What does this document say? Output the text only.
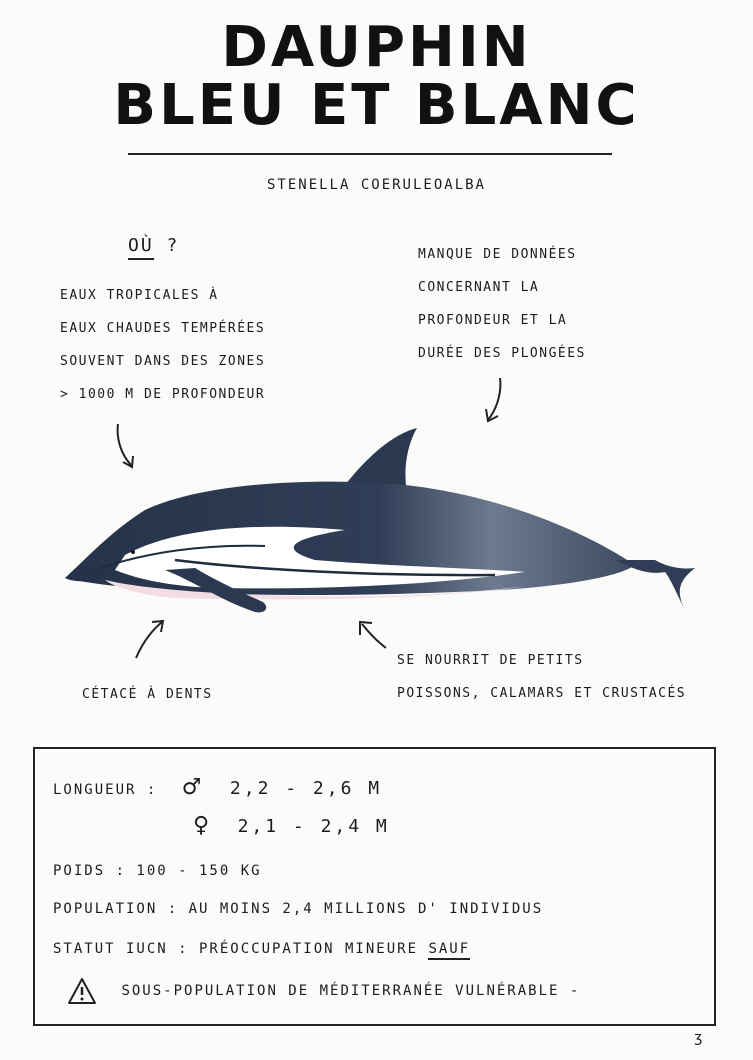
DAUPHIN
BLEU ET BLANC
STENELLA COERULEOALBA
OÙ ?
EAUX TROPICALES À
EAUX CHAUDES TEMPÉRÉES
SOUVENT DANS DES ZONES
> 1000 M DE PROFONDEUR
MANQUE DE DONNÉES
CONCERNANT LA
PROFONDEUR ET LA
DURÉE DES PLONGÉES
CÉTACÉ À DENTS
SE NOURRIT DE PETITS
POISSONS, CALAMARS ET CRUSTACÉS
LONGUEUR : ♂ 2,2 - 2,6 M
♀ 2,1 - 2,4 M
POIDS : 100 - 150 KG
POPULATION : AU MOINS 2,4 MILLIONS D' INDIVIDUS
STATUT IUCN : PRÉOCCUPATION MINEURE SAUF
SOUS-POPULATION DE MÉDITERRANÉE VULNÉRABLE -
ʒ
